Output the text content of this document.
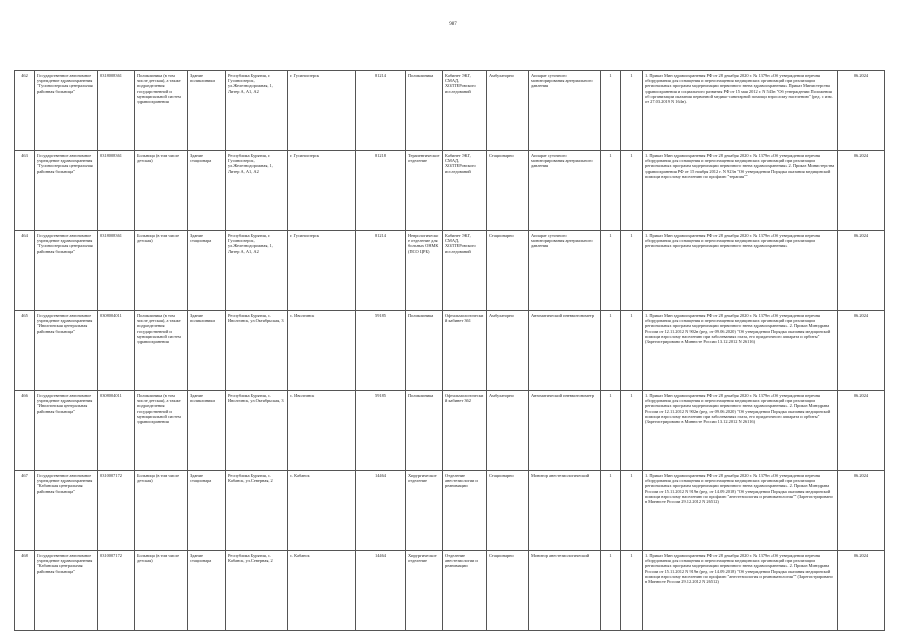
987
462	Государственное автономное учреждение здравоохранения "Гусиноозерская центральная районная больница"	0318008361	Поликлиника (в том числе детская), а также подразделения государственной и муниципальной систем здравоохранения	Здание поликлиники	Республика Бурятия, г. Гусиноозерск, ул.Железнодорожная, 1, Литер А, А1, А2	г. Гусиноозерск	81214	Поликлиника	Кабинет ЭКГ, СМАД, ХОЛТЕРовского исследований	Амбулаторно	Аппарат суточного мониторирования артериального давления	1	1	1. Приказ Мин здравоохранения РФ от 28 декабря 2020 г. № 1379н «Об утверждении перечня оборудования для оснащения и переоснащения медицинских организаций при реализации региональных программ модернизации первичного звена здравоохранения» Приказ Министерства здравоохранения и социального развития РФ от 15 мая 2012 г. N 543н "Об утверждении Положения об организации оказания первичной медико-санитарной помощи взрослому населению" (ред. с изм. от 27.03.2019 N 164н).	06.2024
463	Государственное автономное учреждение здравоохранения "Гусиноозерская центральная районная больница"	0318008361	Больница (в том числе детская)	Здание стационара	Республика Бурятия, г. Гусиноозерск, ул.Железнодорожная, 1, Литер А, А1, А2	г. Гусиноозерск	81218	Терапевтическое отделение	Кабинет ЭКГ, СМАД, ХОЛТЕРовского исследований	Стационарно	Аппарат суточного мониторирования артериального давления	1	1	1. Приказ Мин здравоохранения РФ от 28 декабря 2020 г. № 1379н «Об утверждении перечня оборудования для оснащения и переоснащения медицинских организаций при реализации региональных программ модернизации первичного звена здравоохранения» 2. Приказ Министерства здравоохранения РФ от 15 ноября 2012 г. N 923н "Об утверждении Порядка оказания медицинской помощи взрослому населению по профилю "терапия""	06.2024
464	Государственное автономное учреждение здравоохранения "Гусиноозерская центральная районная больница"	0318008361	Больница (в том числе детская)	Здание стационара	Республика Бурятия, г. Гусиноозерск, ул.Железнодорожная, 1, Литер А, А1, А2	г. Гусиноозерск	81214	Неврологическое отделение для больных ОНМК (ПСО ЦРБ)	Кабинет ЭКГ, СМАД, ХОЛТЕРовского исследований	Стационарно	Аппарат суточного мониторирования артериального давления	1	1	1. Приказ Мин здравоохранения РФ от 28 декабря 2020 г. № 1379н «Об утверждении перечня оборудования для оснащения и переоснащения медицинских организаций при реализации региональных программ модернизации первичного звена здравоохранения»	06.2024
465	Государственное автономное учреждение здравоохранения "Иволгинская центральная районная больница"	0308004011	Поликлиника (в том числе детская), а также подразделения государственной и муниципальной систем здравоохранения	Здание поликлиники	Республика Бурятия, с. Иволгинск, ул.Октябрьская, 3	с. Иволгинск	59185	Поликлиника	Офтальмологический кабинет 361	Амбулаторно	Автоматический пневмотонометр	1	1	1. Приказ Мин здравоохранения РФ от 28 декабря 2020 г. № 1379н «Об утверждении перечня оборудования для оснащения и переоснащения медицинских организаций при реализации региональных программ модернизации первичного звена здравоохранения». 2. Приказ Минздрава России от 12.11.2012 N 902н (ред. от 09.06.2020) "Об утверждении Порядка оказания медицинской помощи взрослому населению при заболеваниях глаза, его придаточного аппарата и орбиты" (Зарегистрировано в Минюсте России 13.12.2012 N 26116)	06.2024
466	Государственное автономное учреждение здравоохранения "Иволгинская центральная районная больница"	0308004011	Поликлиника (в том числе детская), а также подразделения государственной и муниципальной систем здравоохранения	Здание поликлиники	Республика Бурятия, с. Иволгинск, ул.Октябрьская, 3	с. Иволгинск	59185	Поликлиника	Офтальмологический кабинет 362	Амбулаторно	Автоматический пневмотонометр	1	1	1. Приказ Мин здравоохранения РФ от 28 декабря 2020 г. № 1379н «Об утверждении перечня оборудования для оснащения и переоснащения медицинских организаций при реализации региональных программ модернизации первичного звена здравоохранения». 2. Приказ Минздрава России от 12.11.2012 N 902н (ред. от 09.06.2020) "Об утверждении Порядка оказания медицинской помощи взрослому населению при заболеваниях глаза, его придаточного аппарата и орбиты" (Зарегистрировано в Минюсте России 13.12.2012 N 26116)	06.2024
467	Государственное автономное учреждение здравоохранения "Кабанская центральная районная больница"	0310007172	Больница (в том числе детская)	Здание стационара	Республика Бурятия, с. Кабанск, ул.Северная, 2	с. Кабанск	14464	Хирургическое отделение	Отделение анестезиологии и реанимации	Стационарно	Монитор анестезиологический	1	1	1. Приказ Мин здравоохранения РФ от 28 декабря 2020 г. № 1379н «Об утверждении перечня оборудования для оснащения и переоснащения медицинских организаций при реализации региональных программ модернизации первичного звена здравоохранения». 2. Приказ Минздрава России от 15.11.2012 N 919н (ред. от 14.09.2018) "Об утверждении Порядка оказания медицинской помощи взрослому населению по профилю "анестезиология и реаниматология"" (Зарегистрировано в Минюсте России 29.12.2012 N 26512)	06.2024
468	Государственное автономное учреждение здравоохранения "Кабанская центральная районная больница"	0310007172	Больница (в том числе детская)	Здание стационара	Республика Бурятия, с. Кабанск, ул.Северная, 2	с. Кабанск	14464	Хирургическое отделение	Отделение анестезиологии и реанимации	Стационарно	Монитор анестезиологический	1	1	1. Приказ Мин здравоохранения РФ от 28 декабря 2020 г. № 1379н «Об утверждении перечня оборудования для оснащения и переоснащения медицинских организаций при реализации региональных программ модернизации первичного звена здравоохранения». 2. Приказ Минздрава России от 15.11.2012 N 919н (ред. от 14.09.2018) "Об утверждении Порядка оказания медицинской помощи взрослому населению по профилю "анестезиология и реаниматология"" (Зарегистрировано в Минюсте России 29.12.2012 N 26512)	06.2024
